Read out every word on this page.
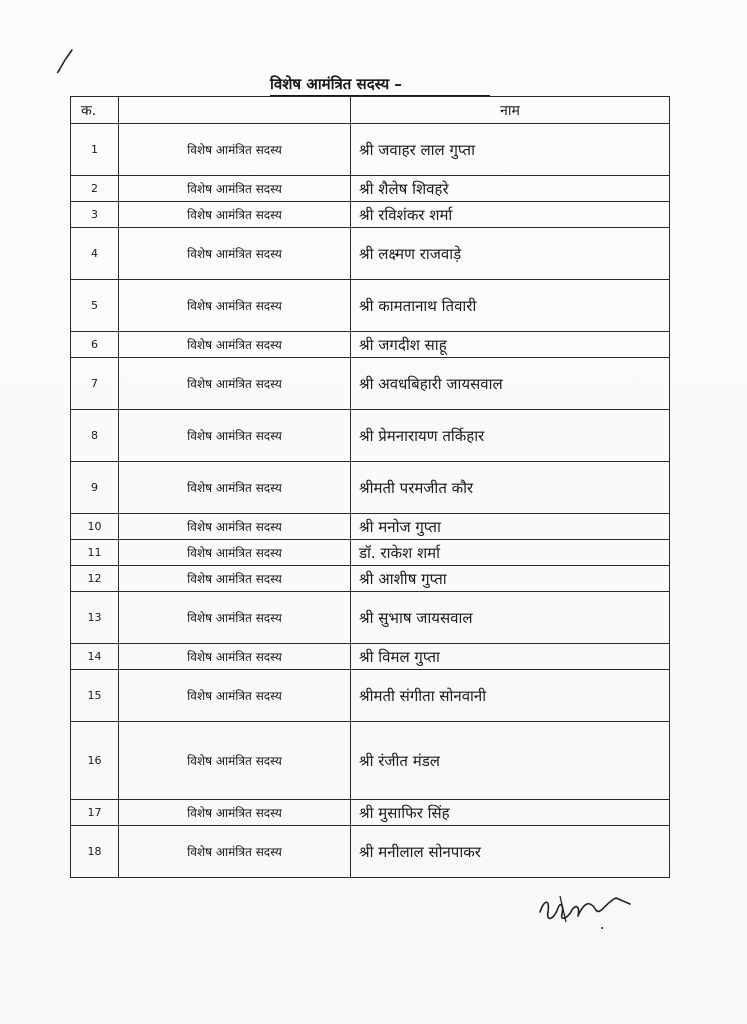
विशेष आमंत्रित सदस्य –
क.		नाम
1	विशेष आमंत्रित सदस्य	श्री जवाहर लाल गुप्ता
2	विशेष आमंत्रित सदस्य	श्री शैलेष शिवहरे
3	विशेष आमंत्रित सदस्य	श्री रविशंकर शर्मा
4	विशेष आमंत्रित सदस्य	श्री लक्ष्मण राजवाड़े
5	विशेष आमंत्रित सदस्य	श्री कामतानाथ तिवारी
6	विशेष आमंत्रित सदस्य	श्री जगदीश साहू
7	विशेष आमंत्रित सदस्य	श्री अवधबिहारी जायसवाल
8	विशेष आमंत्रित सदस्य	श्री प्रेमनारायण तर्किहार
9	विशेष आमंत्रित सदस्य	श्रीमती परमजीत कौर
10	विशेष आमंत्रित सदस्य	श्री मनोज गुप्ता
11	विशेष आमंत्रित सदस्य	डॉ. राकेश शर्मा
12	विशेष आमंत्रित सदस्य	श्री आशीष गुप्ता
13	विशेष आमंत्रित सदस्य	श्री सुभाष जायसवाल
14	विशेष आमंत्रित सदस्य	श्री विमल गुप्ता
15	विशेष आमंत्रित सदस्य	श्रीमती संगीता सोनवानी
16	विशेष आमंत्रित सदस्य	श्री रंजीत मंडल
17	विशेष आमंत्रित सदस्य	श्री मुसाफिर सिंह
18	विशेष आमंत्रित सदस्य	श्री मनीलाल सोनपाकर
